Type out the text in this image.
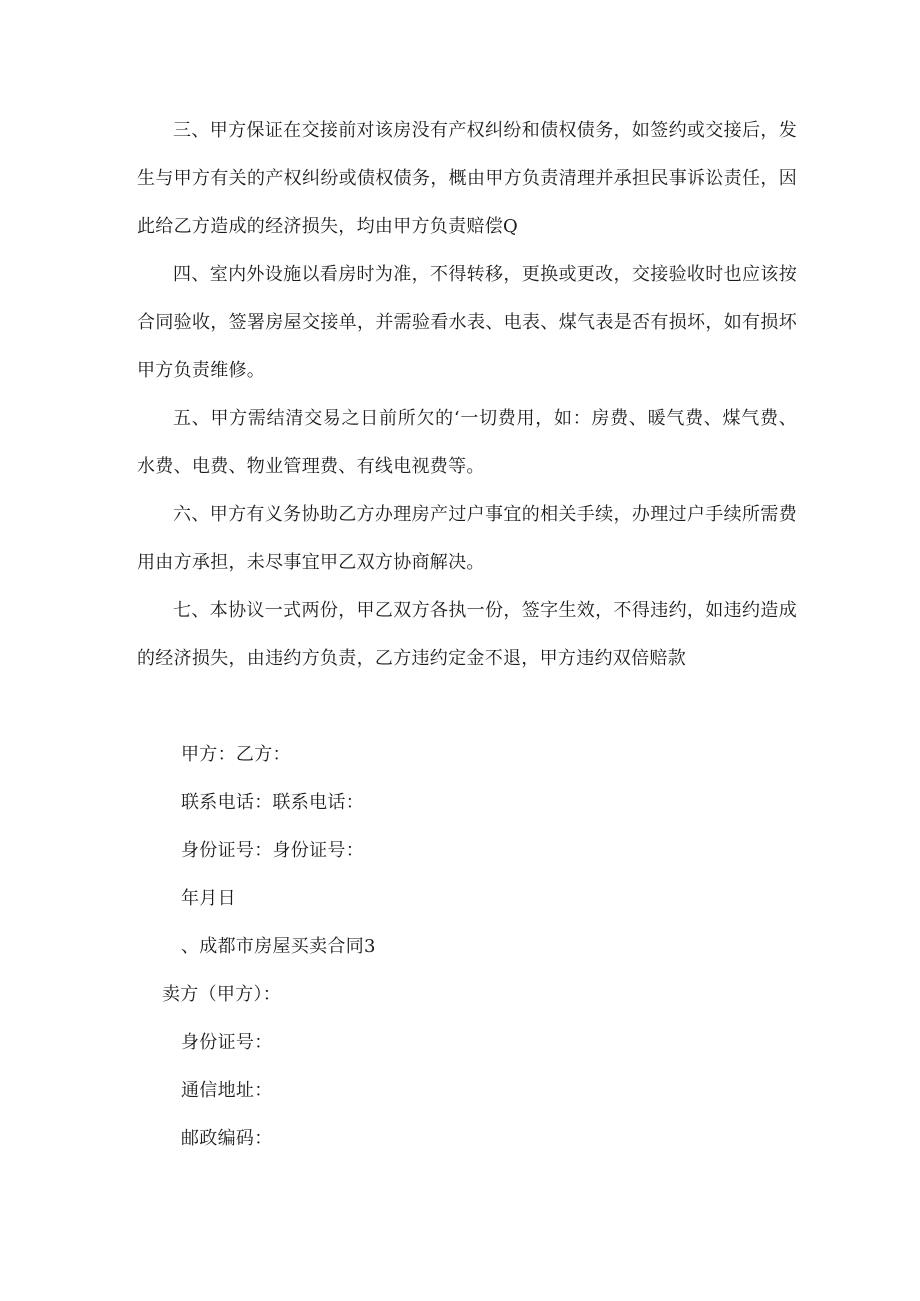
三、甲方保证在交接前对该房没有产权纠纷和债权债务，如签约或交接后，发生与甲方有关的产权纠纷或债权债务，概由甲方负责清理并承担民事诉讼责任，因此给乙方造成的经济损失，均由甲方负责赔偿Q

四、室内外设施以看房时为准，不得转移，更换或更改，交接验收时也应该按合同验收，签署房屋交接单，并需验看水表、电表、煤气表是否有损坏，如有损坏甲方负责维修。

五、甲方需结清交易之日前所欠的‘一切费用，如：房费、暖气费、煤气费、水费、电费、物业管理费、有线电视费等。

六、甲方有义务协助乙方办理房产过户事宜的相关手续，办理过户手续所需费用由方承担，未尽事宜甲乙双方协商解决。

七、本协议一式两份，甲乙双方各执一份，签字生效，不得违约，如违约造成的经济损失，由违约方负责，乙方违约定金不退，甲方违约双倍赔款

甲方：乙方：

联系电话：联系电话：

身份证号：身份证号：

年月日

、成都市房屋买卖合同3

卖方（甲方）：

身份证号：

通信地址：

邮政编码：
